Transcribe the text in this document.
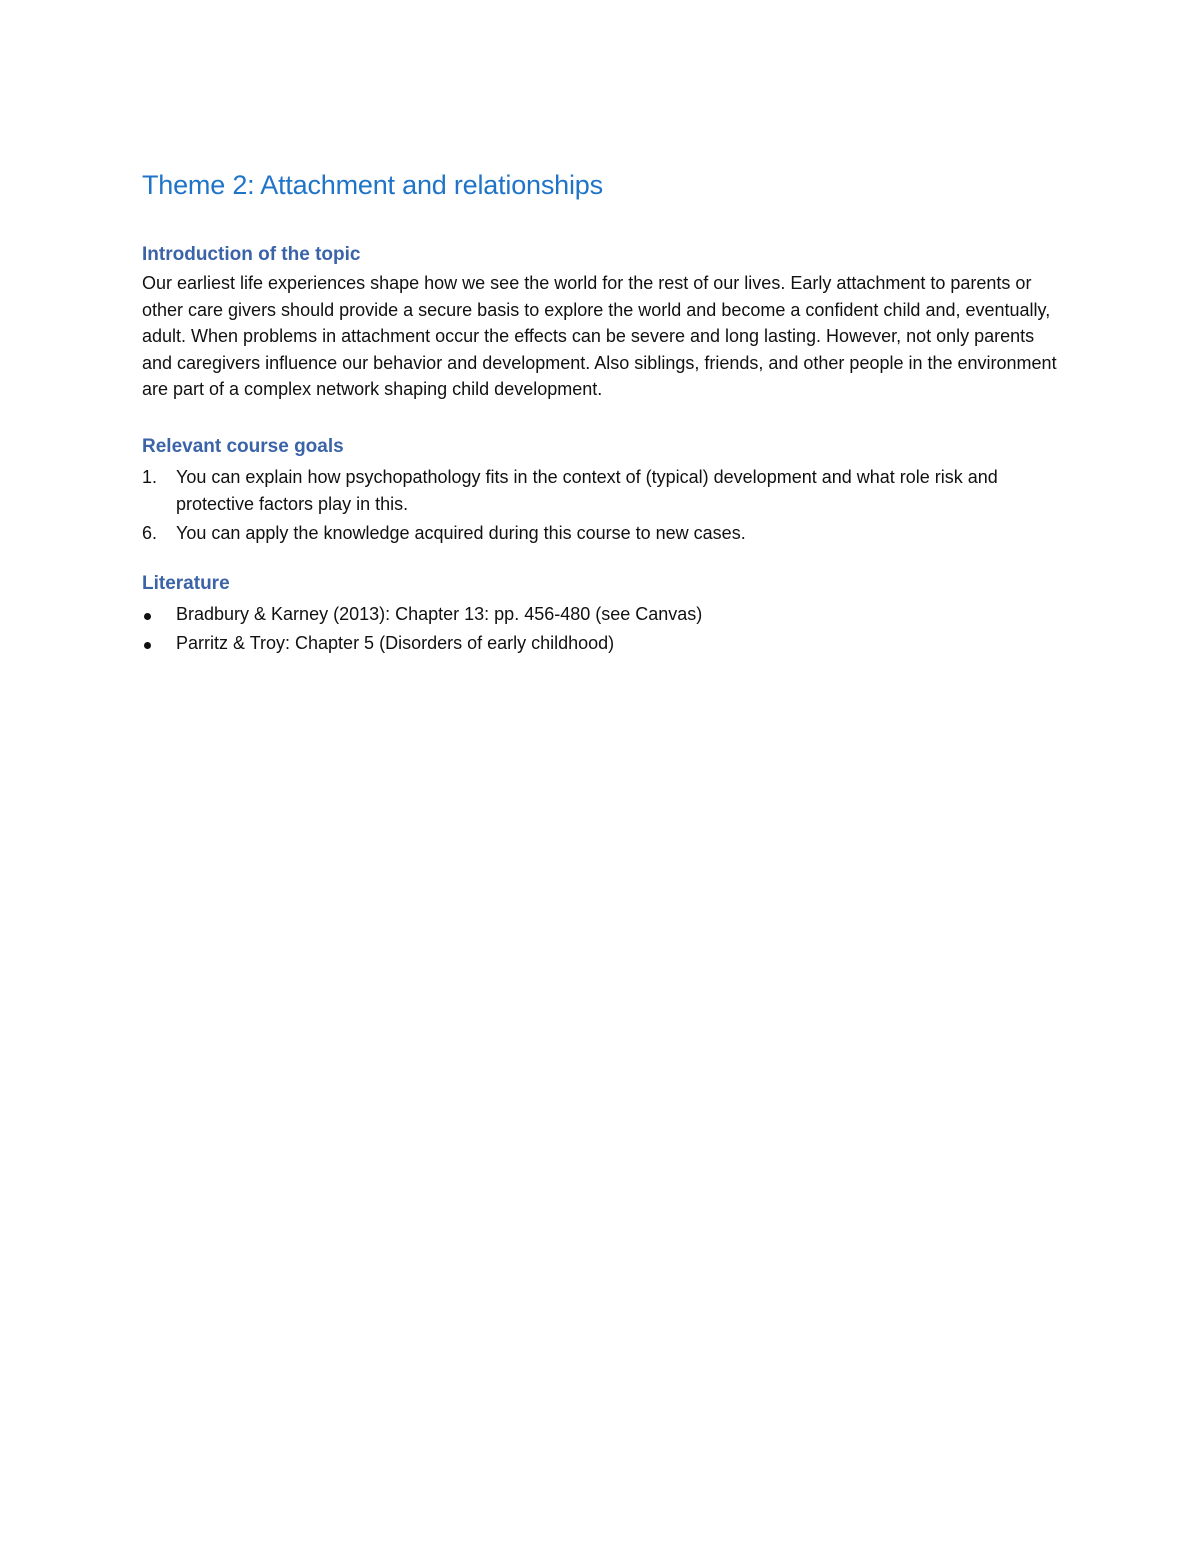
Theme 2: Attachment and relationships
Introduction of the topic

Our earliest life experiences shape how we see the world for the rest of our lives. Early attachment to parents or other care givers should provide a secure basis to explore the world and become a confident child and, eventually, adult. When problems in attachment occur the effects can be severe and long lasting. However, not only parents and caregivers influence our behavior and development. Also siblings, friends, and other people in the environment are part of a complex network shaping child development.

Relevant course goals
1.	You can explain how psychopathology fits in the context of (typical) development and what role risk and protective factors play in this.
6.	You can apply the knowledge acquired during this course to new cases.
Literature
Bradbury & Karney (2013): Chapter 13: pp. 456-480 (see Canvas)
Parritz & Troy: Chapter 5 (Disorders of early childhood)
